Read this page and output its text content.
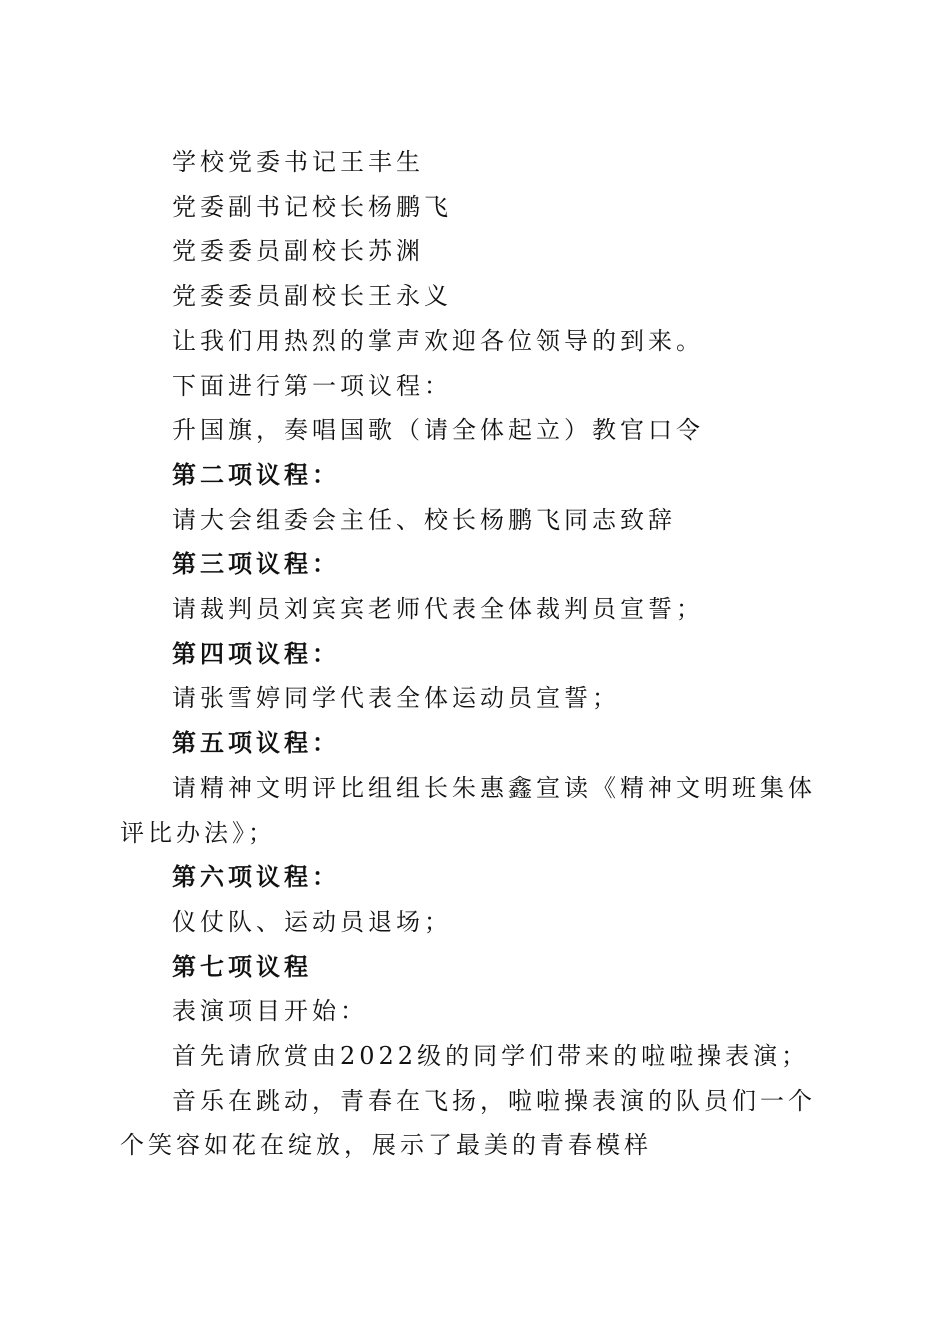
学校党委书记王丰生

党委副书记校长杨鹏飞

党委委员副校长苏渊

党委委员副校长王永义

让我们用热烈的掌声欢迎各位领导的到来。

下面进行第一项议程：

升国旗，奏唱国歌（请全体起立）教官口令

第二项议程：

请大会组委会主任、校长杨鹏飞同志致辞

第三项议程：

请裁判员刘宾宾老师代表全体裁判员宣誓；

第四项议程：

请张雪婷同学代表全体运动员宣誓；

第五项议程：

请精神文明评比组组长朱惠鑫宣读《精神文明班集体评比办法》；

第六项议程：

仪仗队、运动员退场；

第七项议程

表演项目开始：

首先请欣赏由2022级的同学们带来的啦啦操表演；

音乐在跳动，青春在飞扬，啦啦操表演的队员们一个个笑容如花在绽放，展示了最美的青春模样
